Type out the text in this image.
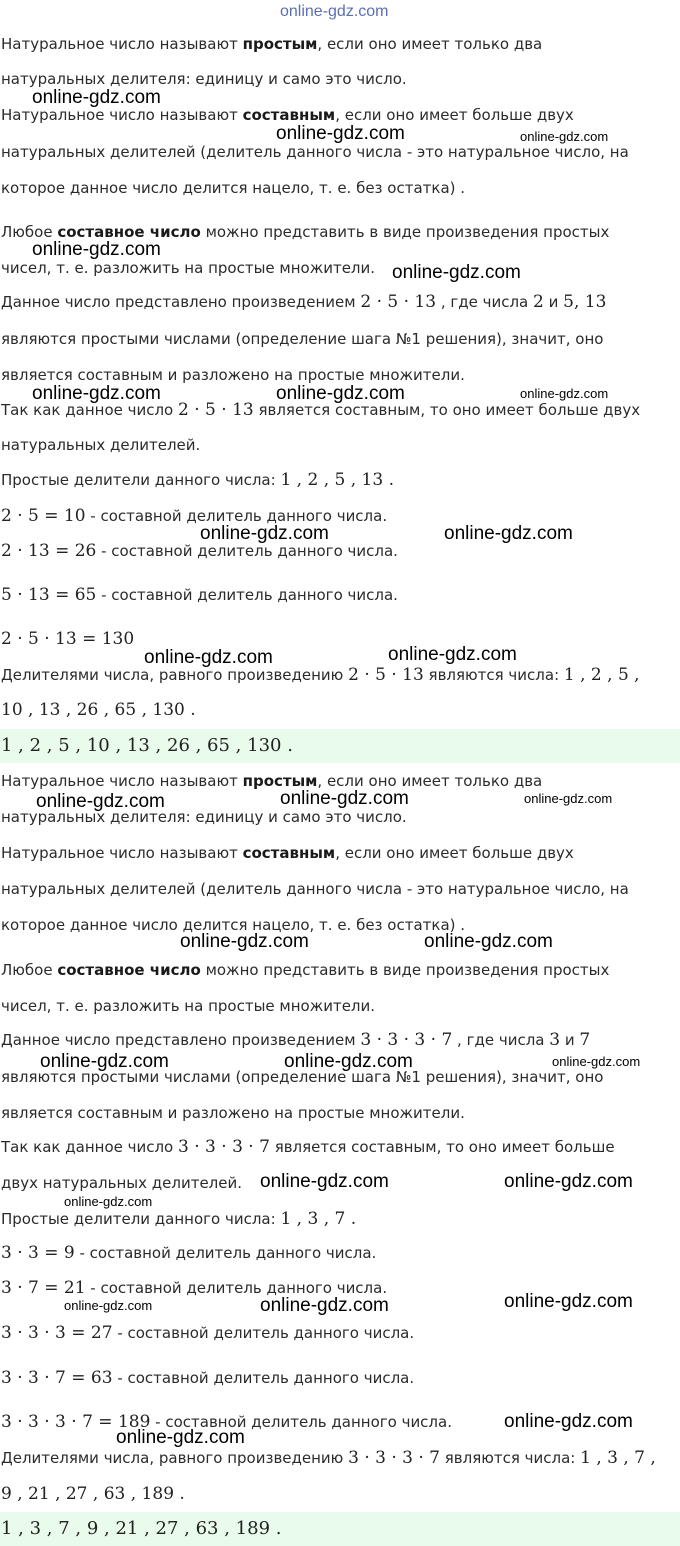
Натуральное число называют простым, если оно имеет только два
натуральных делителя: единицу и само это число.
Натуральное число называют составным, если оно имеет больше двух
натуральных делителей (делитель данного числа - это натуральное число, на
которое данное число делится нацело, т. е. без остатка) .
Любое составное число можно представить в виде произведения простых
чисел, т. е. разложить на простые множители.
Данное число представлено произведением 2 · 5 · 13 , где числа 2 и 5, 13
являются простыми числами (определение шага №1 решения), значит, оно
является составным и разложено на простые множители.
Так как данное число 2 · 5 · 13 является составным, то оно имеет больше двух
натуральных делителей.
Простые делители данного числа: 1 , 2 , 5 , 13 .
2 · 5 = 10 - составной делитель данного числа.
2 · 13 = 26 - составной делитель данного числа.
5 · 13 = 65 - составной делитель данного числа.
2 · 5 · 13 = 130
Делителями числа, равного произведению 2 · 5 · 13 являются числа: 1 , 2 , 5 ,
10 , 13 , 26 , 65 , 130 .
1 , 2 , 5 , 10 , 13 , 26 , 65 , 130 .
Натуральное число называют простым, если оно имеет только два
натуральных делителя: единицу и само это число.
Натуральное число называют составным, если оно имеет больше двух
натуральных делителей (делитель данного числа - это натуральное число, на
которое данное число делится нацело, т. е. без остатка) .
Любое составное число можно представить в виде произведения простых
чисел, т. е. разложить на простые множители.
Данное число представлено произведением 3 · 3 · 3 · 7 , где числа 3 и 7
являются простыми числами (определение шага №1 решения), значит, оно
является составным и разложено на простые множители.
Так как данное число 3 · 3 · 3 · 7 является составным, то оно имеет больше
двух натуральных делителей.
Простые делители данного числа: 1 , 3 , 7 .
3 · 3 = 9 - составной делитель данного числа.
3 · 7 = 21 - составной делитель данного числа.
3 · 3 · 3 = 27 - составной делитель данного числа.
3 · 3 · 7 = 63 - составной делитель данного числа.
3 · 3 · 3 · 7 = 189 - составной делитель данного числа.
Делителями числа, равного произведению 3 · 3 · 3 · 7 являются числа: 1 , 3 , 7 ,
9 , 21 , 27 , 63 , 189 .
1 , 3 , 7 , 9 , 21 , 27 , 63 , 189 .
online-gdz.com
online-gdz.com
online-gdz.com	online-gdz.com
online-gdz.com
online-gdz.com
online-gdz.com	online-gdz.com	online-gdz.com
online-gdz.com	online-gdz.com
online-gdz.com	online-gdz.com
online-gdz.com	online-gdz.com	online-gdz.com
online-gdz.com	online-gdz.com
online-gdz.com	online-gdz.com	online-gdz.com
online-gdz.com	online-gdz.com
online-gdz.com
online-gdz.com	online-gdz.com	online-gdz.com
online-gdz.com
online-gdz.com
